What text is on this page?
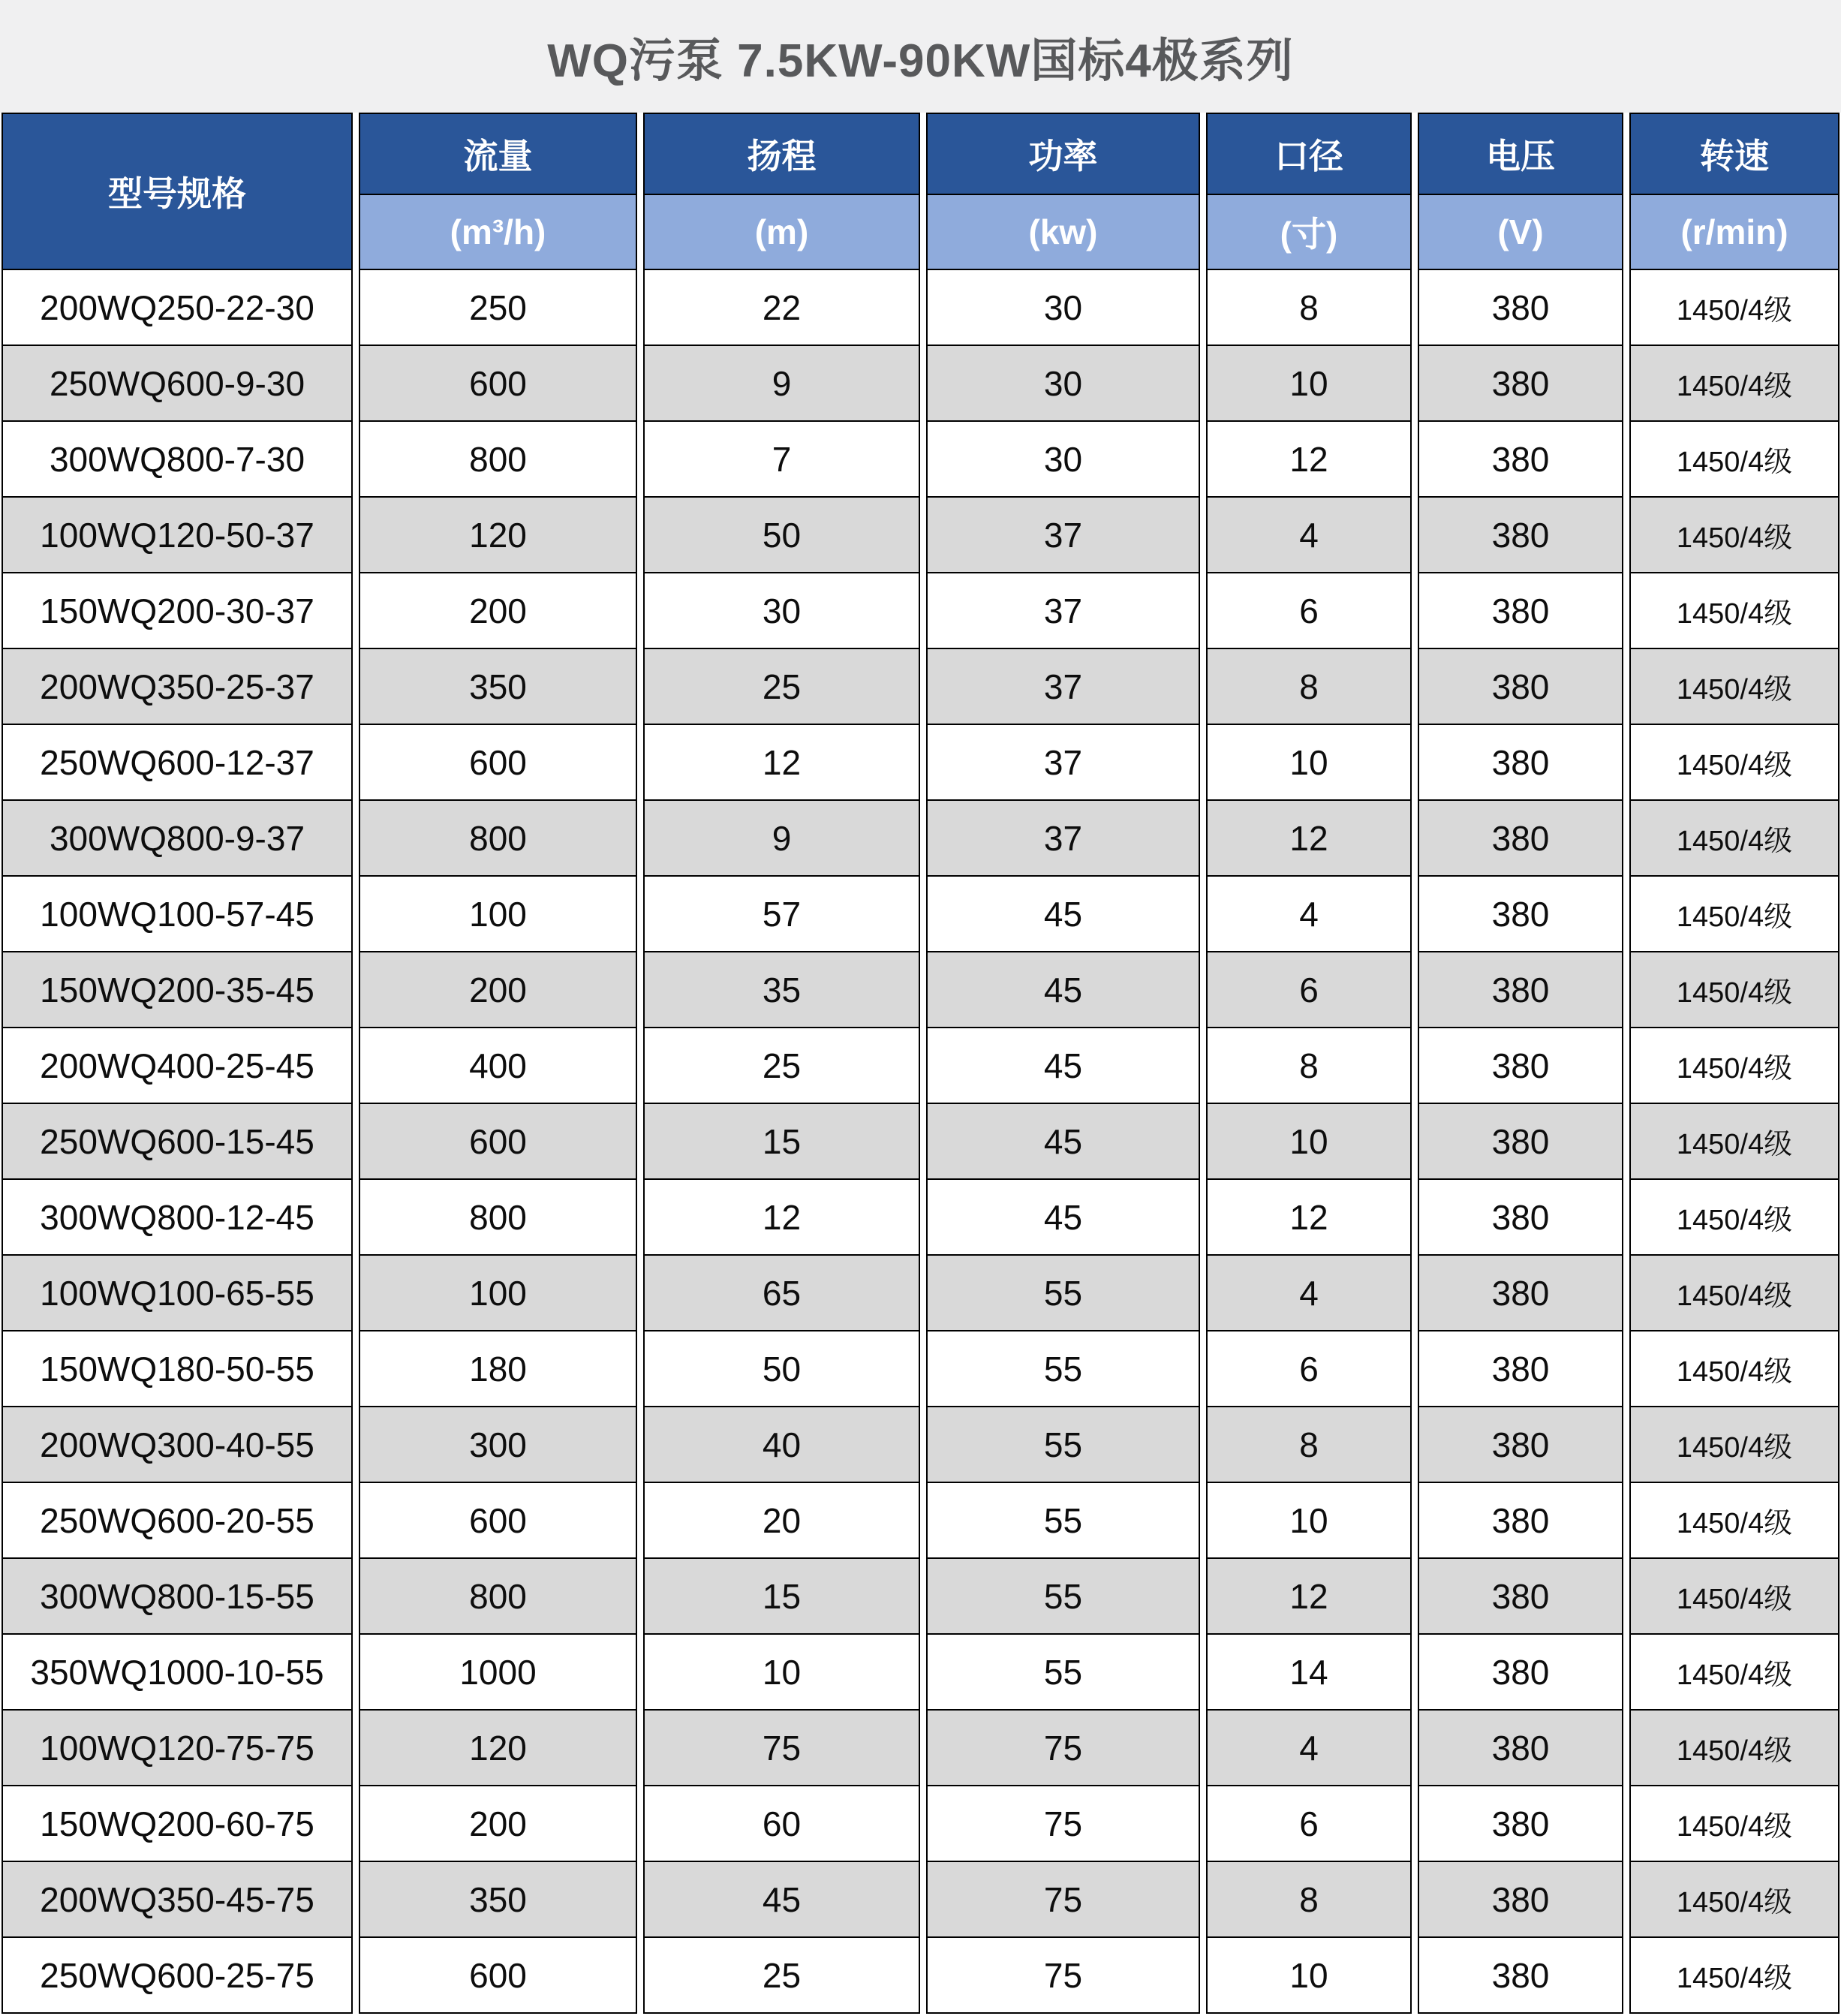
WQ污泵 7.5KW-90KW国标4极系列
型号规格
200WQ250-22-30
250WQ600-9-30
300WQ800-7-30
100WQ120-50-37
150WQ200-30-37
200WQ350-25-37
250WQ600-12-37
300WQ800-9-37
100WQ100-57-45
150WQ200-35-45
200WQ400-25-45
250WQ600-15-45
300WQ800-12-45
100WQ100-65-55
150WQ180-50-55
200WQ300-40-55
250WQ600-20-55
300WQ800-15-55
350WQ1000-10-55
100WQ120-75-75
150WQ200-60-75
200WQ350-45-75
250WQ600-25-75
流量
(m³/h)
250
600
800
120
200
350
600
800
100
200
400
600
800
100
180
300
600
800
1000
120
200
350
600
扬程
(m)
22
9
7
50
30
25
12
9
57
35
25
15
12
65
50
40
20
15
10
75
60
45
25
功率
(kw)
30
30
30
37
37
37
37
37
45
45
45
45
45
55
55
55
55
55
55
75
75
75
75
口径
(寸)
8
10
12
4
6
8
10
12
4
6
8
10
12
4
6
8
10
12
14
4
6
8
10
电压
(V)
380
380
380
380
380
380
380
380
380
380
380
380
380
380
380
380
380
380
380
380
380
380
380
转速
(r/min)
1450/4级
1450/4级
1450/4级
1450/4级
1450/4级
1450/4级
1450/4级
1450/4级
1450/4级
1450/4级
1450/4级
1450/4级
1450/4级
1450/4级
1450/4级
1450/4级
1450/4级
1450/4级
1450/4级
1450/4级
1450/4级
1450/4级
1450/4级
